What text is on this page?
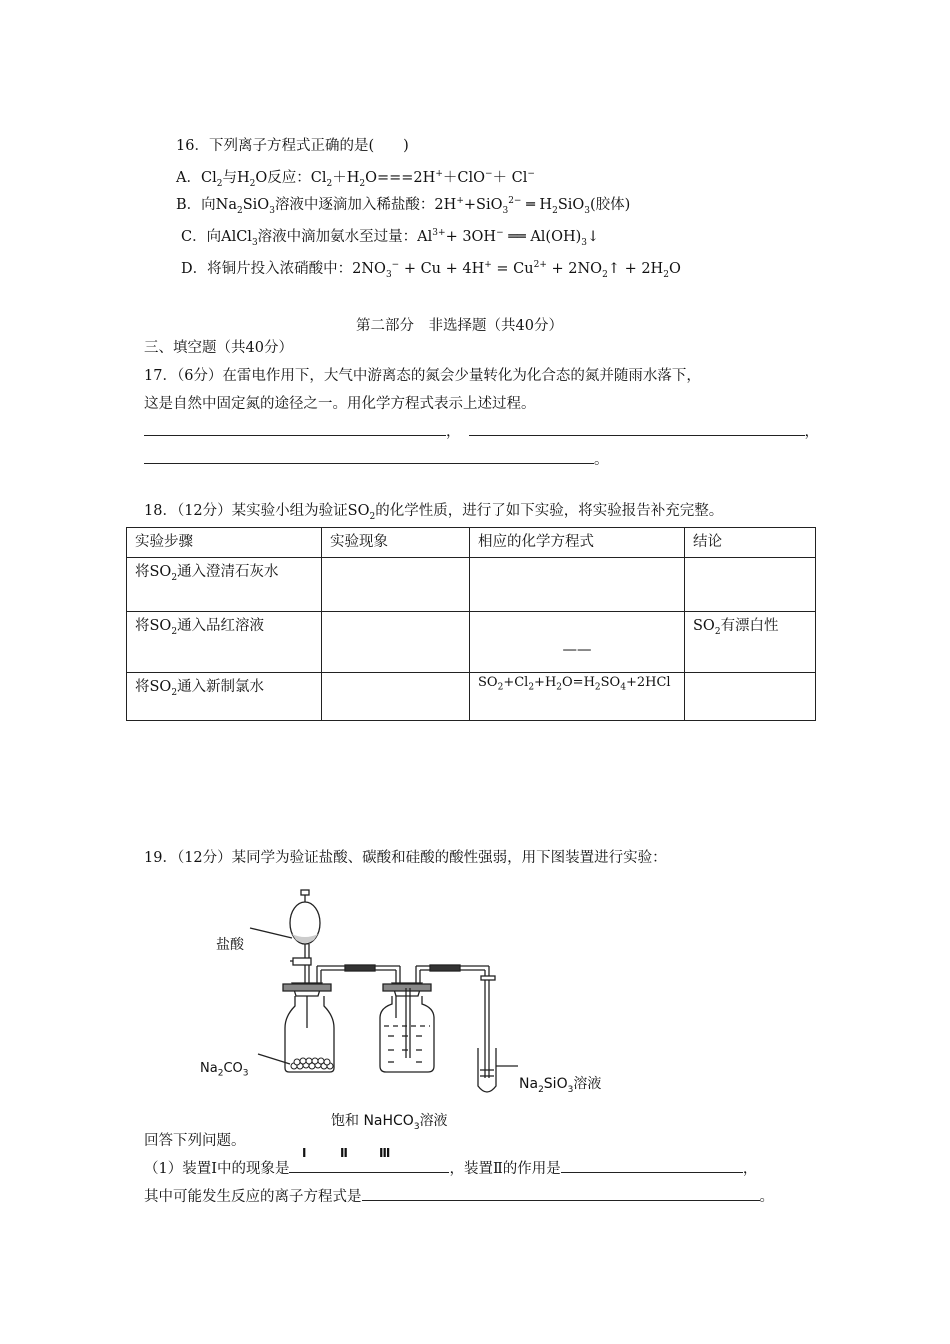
16．下列离子方程式正确的是(　　)
A．$Cl_2$与$H_2O$反应：$Cl_2+H_2O===2H^++ClO^-+ Cl^-$
B．向$Na_2SiO_3$溶液中逐滴加入稀盐酸：2H++SiO$_3^{2-}$ ═ $H_2SiO_3$(胶体)
C．向AlCl$_3$溶液中滴加氨水至过量：$Al^{3+}+ 3OH^-$ ══ $Al(OH)_3↓$
D．将铜片投入浓硝酸中：$2NO_3^- + Cu + 4H^+ = Cu^{2+}$ + $2NO_2↑ + 2H_2O$
第二部分　非选择题（共40分）
三、填空题（共40分）
17．（6分）在雷电作用下，大气中游离态的氮会少量转化为化合态的氮并随雨水落下，
这是自然中固定氮的途径之一。用化学方程式表示上述过程。
，	，
。
18．（12分）某实验小组为验证$SO_2$的化学性质，进行了如下实验，将实验报告补充完整。
实验步骤	实验现象	相应的化学方程式	结论
将$SO_2$通入澄清石灰水			
将$SO_2$通入品红溶液		——	$SO_2$有漂白性
将$SO_2$通入新制氯水		$SO_2+Cl_2+H_2O=H_2SO_4+2HCl$	
19．（12分）某同学为验证盐酸、碳酸和硅酸的酸性强弱，用下图装置进行实验：
盐酸
$Na_2CO_3$
$Na_2SiO_3$溶液
饱和 NaHCO$_3$溶液
回答下列问题。
Ⅰ	Ⅱ	Ⅲ
（1）装置Ⅰ中的现象是	，装置Ⅱ的作用是	，
其中可能发生反应的离子方程式是	。
